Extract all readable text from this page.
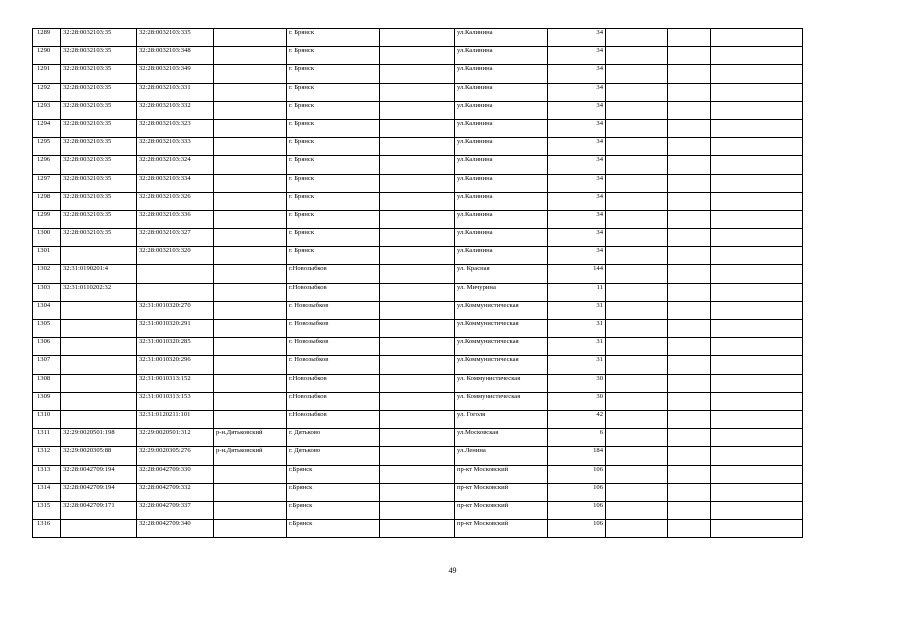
1289	32:28:0032103:35	32:28:0032103:335		г. Брянск		ул.Калинина	34			
1290	32:28:0032103:35	32:28:0032103:348		г. Брянск		ул.Калинина	34			
1291	32:28:0032103:35	32:28:0032103:349		г. Брянск		ул.Калинина	34			
1292	32:28:0032103:35	32:28:0032103:331		г. Брянск		ул.Калинина	34			
1293	32:28:0032103:35	32:28:0032103:332		г. Брянск		ул.Калинина	34			
1294	32:28:0032103:35	32:28:0032103:323		г. Брянск		ул.Калинина	34			
1295	32:28:0032103:35	32:28:0032103:333		г. Брянск		ул.Калинина	34			
1296	32:28:0032103:35	32:28:0032103:324		г. Брянск		ул.Калинина	34			
1297	32:28:0032103:35	32:28:0032103:334		г. Брянск		ул.Калинина	34			
1298	32:28:0032103:35	32:28:0032103:326		г. Брянск		ул.Калинина	34			
1299	32:28:0032103:35	32:28:0032103:336		г. Брянск		ул.Калинина	34			
1300	32:28:0032103:35	32:28:0032103:327		г. Брянск		ул.Калинина	34			
1301		32:28:0032103:320		г. Брянск		ул.Калинина	34			
1302	32:31:0190201:4			г.Новозыбков		ул. Красная	144			
1303	32:31:0110202:32			г.Новозыбков		ул. Мичурина	11			
1304		32:31:0010320:270		г. Новозыбков		ул.Коммунистическая	31			
1305		32:31:0010320:291		г. Новозыбков		ул.Коммунистическая	31			
1306		32:31:0010320:285		г. Новозыбков		ул.Коммунистическая	31			
1307		32:31:0010320:296		г. Новозыбков		ул.Коммунистическая	31			
1308		32:31:0010313:152		г.Новозыбков		ул. Коммунистическая	30			
1309		32:31:0010313:153		г.Новозыбков		ул. Коммунистическая	30			
1310		32:31:0120211:101		г.Новозыбков		ул. Гоголя	42			
1311	32:29:0020501:198	32:29:0020501:312	р-н.Дятьковский	г. Дятьково		ул.Московская	6			
1312	32:29:0020305:88	32:29:0020305:276	р-н.Дятьковский	г. Дятьково		ул.Ленина	184			
1313	32:28:0042709:194	32:28:0042709:330		г.Брянск		пр-кт Московский	106			
1314	32:28:0042709:194	32:28:0042709:332		г.Брянск		пр-кт Московский	106			
1315	32:28:0042709:171	32:28:0042709:337		г.Брянск		пр-кт Московский	106			
1316		32:28:0042709:340		г.Брянск		пр-кт Московский	106			
49
